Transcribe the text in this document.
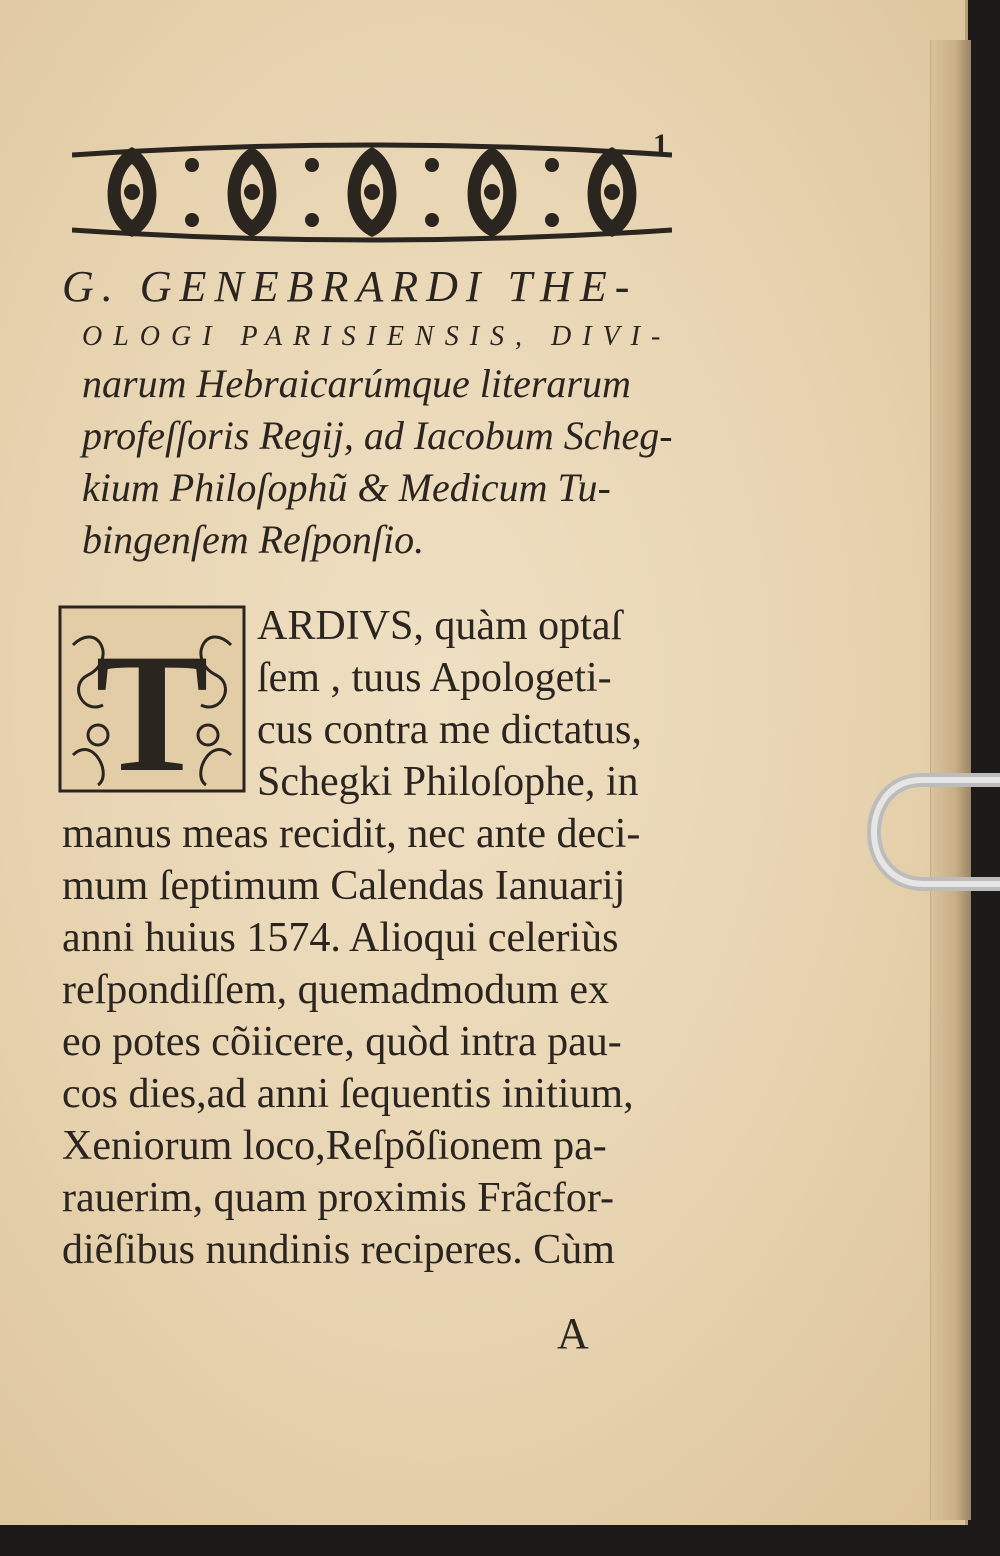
1
G. GENEBRARDI THE-
OLOGI PARISIENSIS, DIVI-
narum Hebraicarúmque literarum
profeſſoris Regij, ad Iacobum Scheg-
kium Philoſophũ & Medicum Tu-
bingenſem Reſponſio.
T	ARDIVS, quàm optaſ
ſem , tuus Apologeti-
cus contra me dictatus,
Schegki Philoſophe, in
manus meas recidit, nec ante deci-
mum ſeptimum Calendas Ianuarij
anni huius 1574. Alioqui celeriùs
reſpondiſſem, quemadmodum ex
eo potes cõiicere, quòd intra pau-
cos dies,ad anni ſequentis initium,
Xeniorum loco,Reſpõſionem pa-
rauerim, quam proximis Frãcfor-
diẽſibus nundinis reciperes. Cùm
A
